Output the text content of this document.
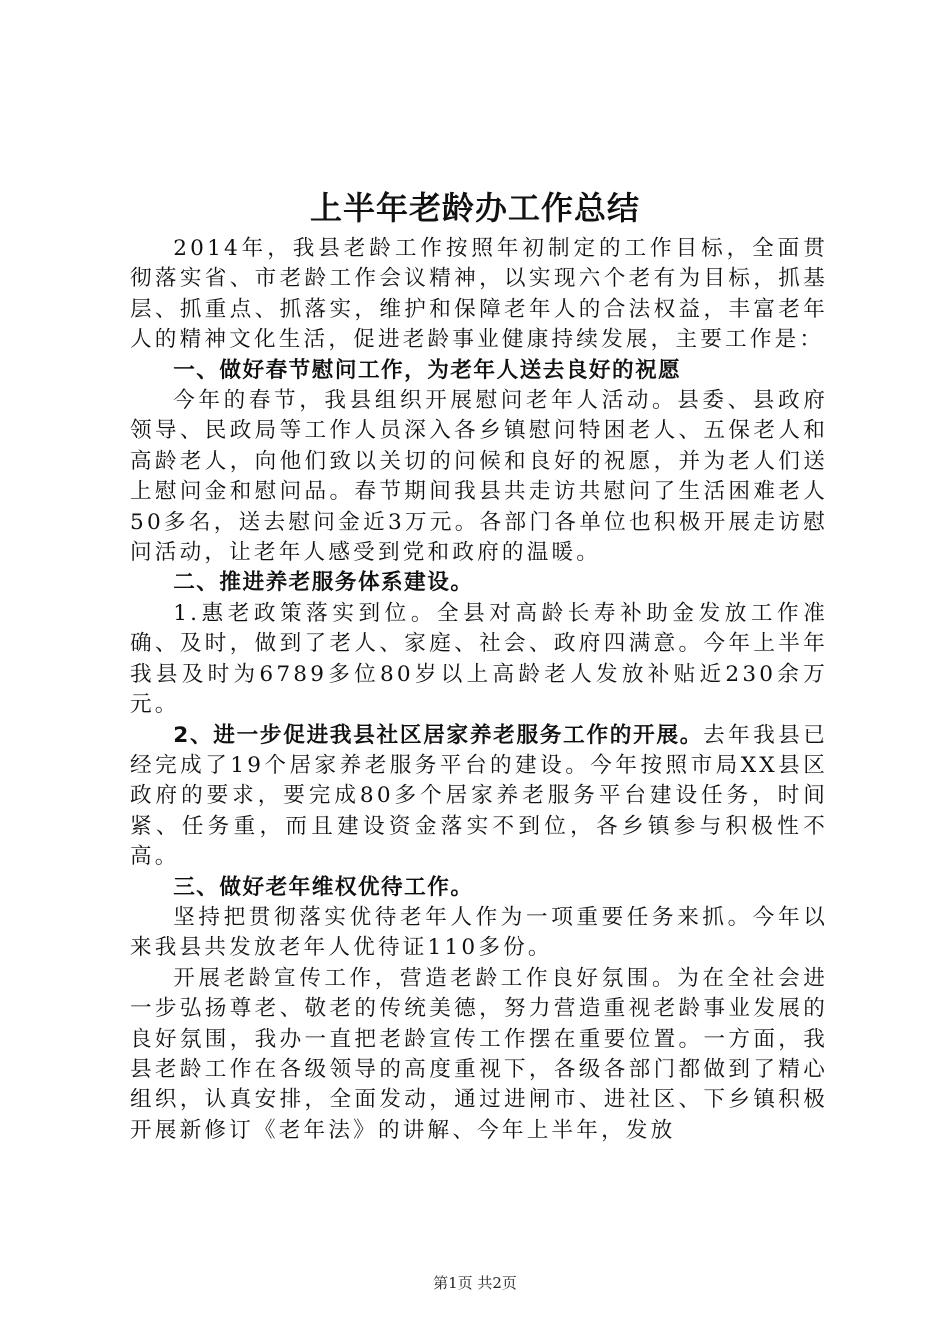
上半年老龄办工作总结

2014年，我县老龄工作按照年初制定的工作目标，全面贯彻落实省、市老龄工作会议精神，以实现六个老有为目标，抓基层、抓重点、抓落实，维护和保障老年人的合法权益，丰富老年人的精神文化生活，促进老龄事业健康持续发展，主要工作是：

一、做好春节慰问工作，为老年人送去良好的祝愿

今年的春节，我县组织开展慰问老年人活动。县委、县政府领导、民政局等工作人员深入各乡镇慰问特困老人、五保老人和高龄老人，向他们致以关切的问候和良好的祝愿，并为老人们送上慰问金和慰问品。春节期间我县共走访共慰问了生活困难老人50多名，送去慰问金近3万元。各部门各单位也积极开展走访慰问活动，让老年人感受到党和政府的温暖。

二、推进养老服务体系建设。

1.惠老政策落实到位。全县对高龄长寿补助金发放工作准确、及时，做到了老人、家庭、社会、政府四满意。今年上半年我县及时为6789多位80岁以上高龄老人发放补贴近230余万元。

2、进一步促进我县社区居家养老服务工作的开展。去年我县已经完成了19个居家养老服务平台的建设。今年按照市局XX县区政府的要求，要完成80多个居家养老服务平台建设任务，时间紧、任务重，而且建设资金落实不到位，各乡镇参与积极性不高。

三、做好老年维权优待工作。

坚持把贯彻落实优待老年人作为一项重要任务来抓。今年以来我县共发放老年人优待证110多份。

开展老龄宣传工作，营造老龄工作良好氛围。为在全社会进一步弘扬尊老、敬老的传统美德，努力营造重视老龄事业发展的良好氛围，我办一直把老龄宣传工作摆在重要位置。一方面，我县老龄工作在各级领导的高度重视下，各级各部门都做到了精心组织，认真安排，全面发动，通过进闸市、进社区、下乡镇积极开展新修订《老年法》的讲解、今年上半年，发放

第1页 共2页
